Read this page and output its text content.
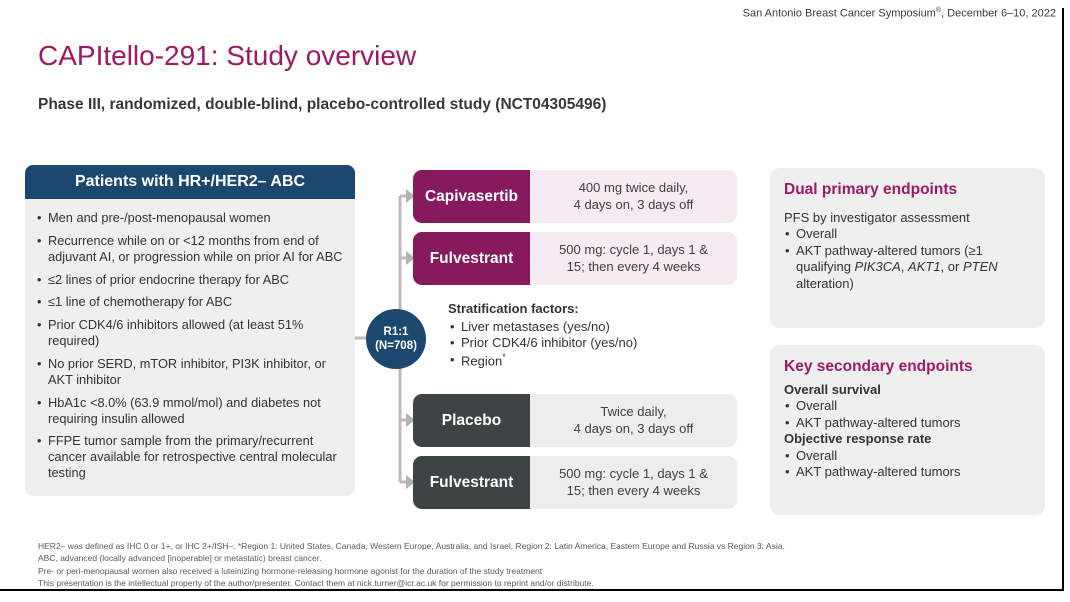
San Antonio Breast Cancer Symposium®, December 6–10, 2022
CAPItello-291: Study overview
Phase III, randomized, double-blind, placebo-controlled study (NCT04305496)
Patients with HR+/HER2– ABC
• Men and pre-/post-menopausal women
• Recurrence while on or <12 months from end of adjuvant AI, or progression while on prior AI for ABC
• ≤2 lines of prior endocrine therapy for ABC
• ≤1 line of chemotherapy for ABC
• Prior CDK4/6 inhibitors allowed (at least 51% required)
• No prior SERD, mTOR inhibitor, PI3K inhibitor, or AKT inhibitor
• HbA1c <8.0% (63.9 mmol/mol) and diabetes not requiring insulin allowed
• FFPE tumor sample from the primary/recurrent cancer available for retrospective central molecular testing
R1:1
(N=708)
Capivasertib
400 mg twice daily,
4 days on, 3 days off
Fulvestrant
500 mg: cycle 1, days 1 &
15; then every 4 weeks
Stratification factors:
• Liver metastases (yes/no)
• Prior CDK4/6 inhibitor (yes/no)
• Region*
Placebo
Twice daily,
4 days on, 3 days off
Fulvestrant
500 mg: cycle 1, days 1 &
15; then every 4 weeks
Dual primary endpoints
PFS by investigator assessment
• Overall
• AKT pathway-altered tumors (≥1 qualifying PIK3CA, AKT1, or PTEN alteration)
Key secondary endpoints
Overall survival
• Overall
• AKT pathway-altered tumors
Objective response rate
• Overall
• AKT pathway-altered tumors
HER2– was defined as IHC 0 or 1+, or IHC 2+/ISH–. *Region 1: United States, Canada, Western Europe, Australia, and Israel, Region 2: Latin America, Eastern Europe and Russia vs Region 3: Asia.
ABC, advanced (locally advanced [inoperable] or metastatic) breast cancer.
Pre- or peri-menopausal women also received a luteinizing hormone-releasing hormone agonist for the duration of the study treatment
This presentation is the intellectual property of the author/presenter. Contact them at nick.turner@icr.ac.uk for permission to reprint and/or distribute.
